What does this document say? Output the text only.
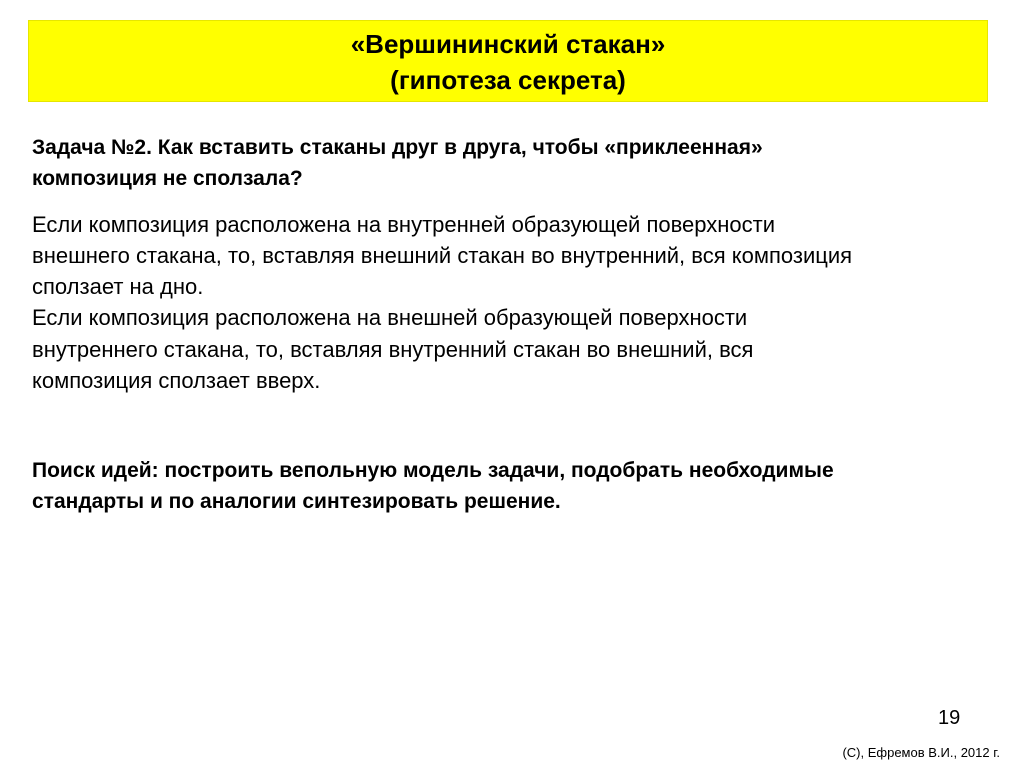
«Вершининский стакан»
(гипотеза секрета)
Задача №2. Как вставить стаканы друг в друга, чтобы «приклеенная»
композиция не сползала?
Если композиция расположена на внутренней образующей поверхности
внешнего стакана, то, вставляя внешний стакан во внутренний, вся композиция
сползает на дно.
Если композиция расположена на внешней образующей поверхности
внутреннего стакана, то, вставляя внутренний стакан во внешний, вся
композиция сползает вверх.
Поиск идей: построить вепольную модель задачи, подобрать необходимые
стандарты и по аналогии синтезировать решение.
19
(С), Ефремов В.И., 2012 г.
